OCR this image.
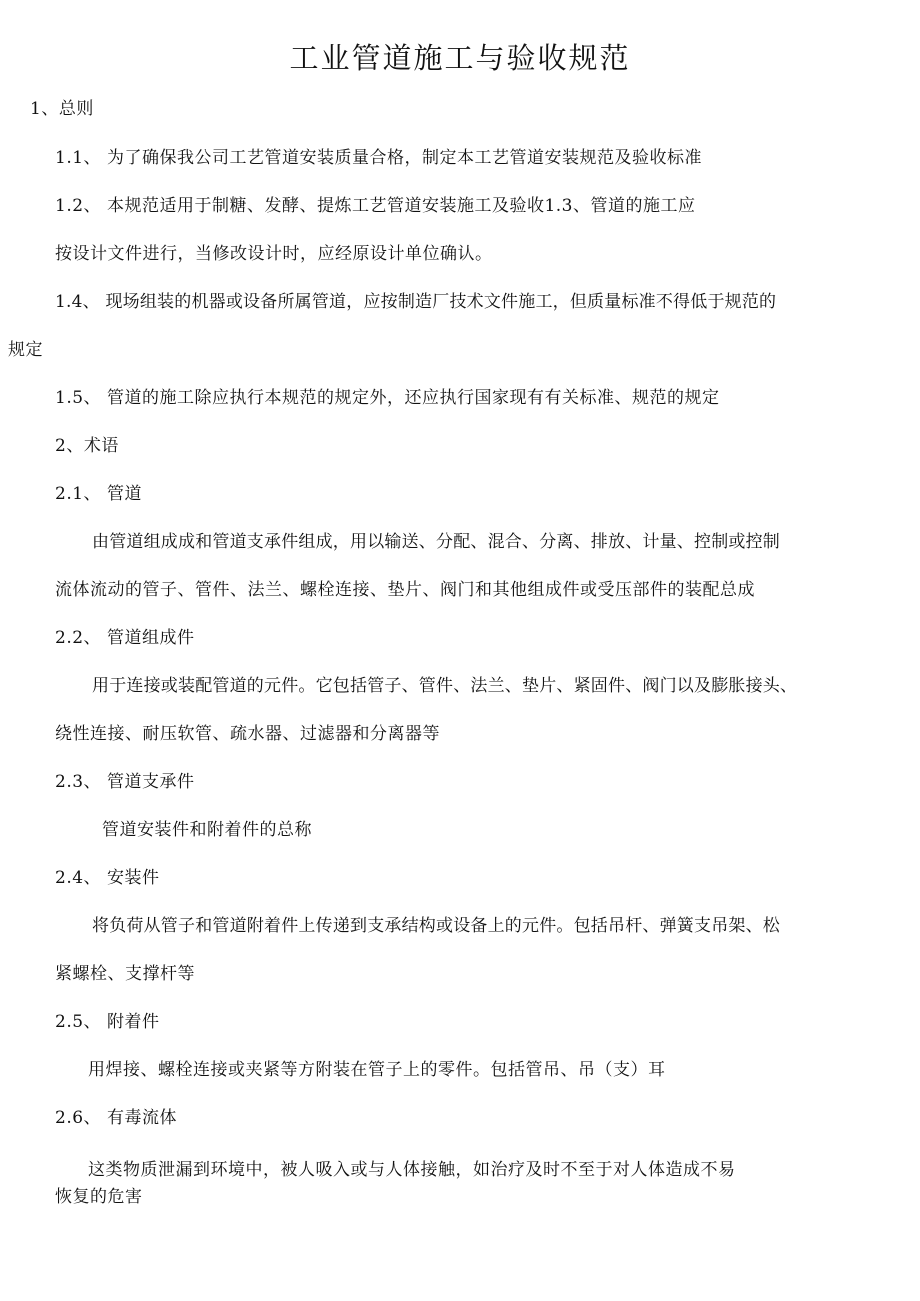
工业管道施工与验收规范
1、总则
1.1、 为了确保我公司工艺管道安装质量合格，制定本工艺管道安装规范及验收标准
1.2、 本规范适用于制糖、发酵、提炼工艺管道安装施工及验收1.3、管道的施工应
按设计文件进行，当修改设计时，应经原设计单位确认。
1.4、 现场组装的机器或设备所属管道，应按制造厂技术文件施工，但质量标准不得低于规范的
规定
1.5、 管道的施工除应执行本规范的规定外，还应执行国家现有有关标准、规范的规定
2、术语
2.1、 管道
由管道组成成和管道支承件组成，用以输送、分配、混合、分离、排放、计量、控制或控制
流体流动的管子、管件、法兰、螺栓连接、垫片、阀门和其他组成件或受压部件的装配总成
2.2、 管道组成件
用于连接或装配管道的元件。它包括管子、管件、法兰、垫片、紧固件、阀门以及膨胀接头、
绕性连接、耐压软管、疏水器、过滤器和分离器等
2.3、 管道支承件
管道安装件和附着件的总称
2.4、 安装件
将负荷从管子和管道附着件上传递到支承结构或设备上的元件。包括吊杆、弹簧支吊架、松
紧螺栓、支撑杆等
2.5、 附着件
用焊接、螺栓连接或夹紧等方附装在管子上的零件。包括管吊、吊（支）耳
2.6、 有毒流体
这类物质泄漏到环境中，被人吸入或与人体接触，如治疗及时不至于对人体造成不易
恢复的危害
